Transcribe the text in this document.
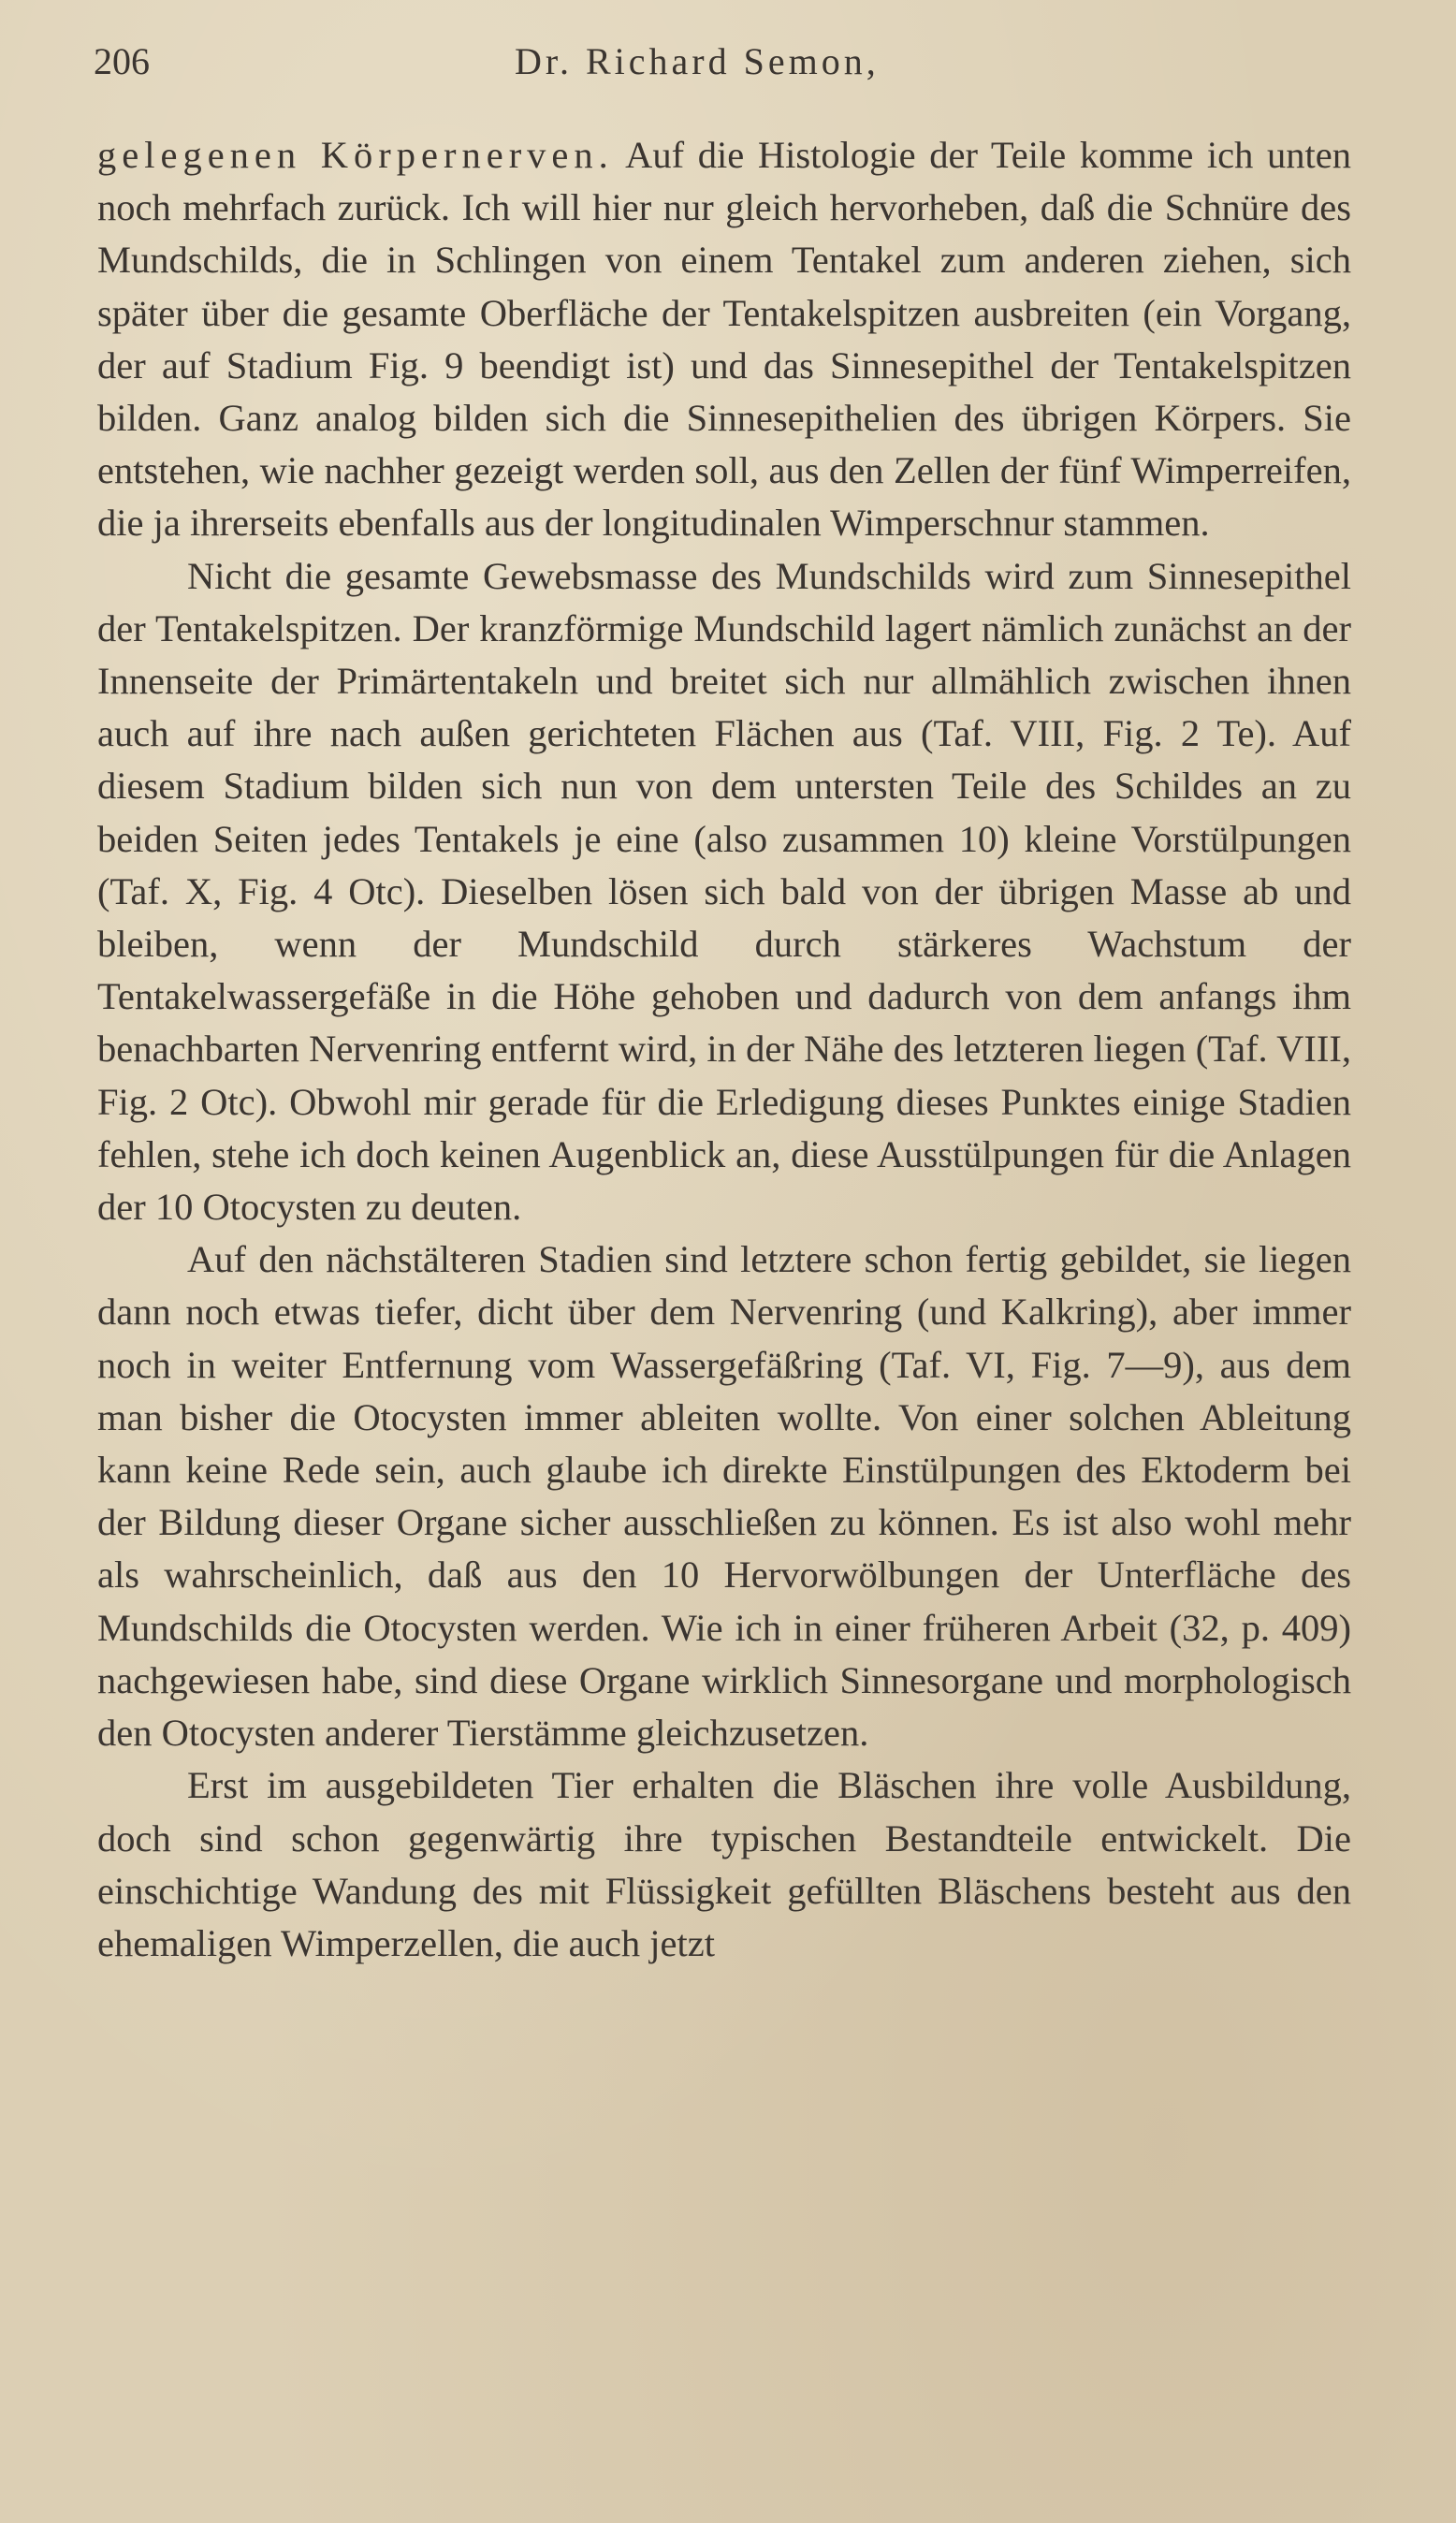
206	Dr. Richard Semon,

gelegenen Körpernerven. Auf die Histologie der Teile komme ich unten noch mehrfach zurück. Ich will hier nur gleich hervorheben, daß die Schnüre des Mundschilds, die in Schlingen von einem Tentakel zum anderen ziehen, sich später über die gesamte Oberfläche der Tentakelspitzen ausbreiten (ein Vorgang, der auf Stadium Fig. 9 beendigt ist) und das Sinnesepithel der Tentakelspitzen bilden. Ganz analog bilden sich die Sinnesepithelien des übrigen Körpers. Sie entstehen, wie nachher gezeigt werden soll, aus den Zellen der fünf Wimperreifen, die ja ihrerseits ebenfalls aus der longitudinalen Wimperschnur stammen.

Nicht die gesamte Gewebsmasse des Mundschilds wird zum Sinnesepithel der Tentakelspitzen. Der kranzförmige Mundschild lagert nämlich zunächst an der Innenseite der Primärtentakeln und breitet sich nur allmählich zwischen ihnen auch auf ihre nach außen gerichteten Flächen aus (Taf. VIII, Fig. 2 Te). Auf diesem Stadium bilden sich nun von dem untersten Teile des Schildes an zu beiden Seiten jedes Tentakels je eine (also zusammen 10) kleine Vorstülpungen (Taf. X, Fig. 4 Otc). Dieselben lösen sich bald von der übrigen Masse ab und bleiben, wenn der Mundschild durch stärkeres Wachstum der Tentakelwassergefäße in die Höhe gehoben und dadurch von dem anfangs ihm benachbarten Nervenring entfernt wird, in der Nähe des letzteren liegen (Taf. VIII, Fig. 2 Otc). Obwohl mir gerade für die Erledigung dieses Punktes einige Stadien fehlen, stehe ich doch keinen Augenblick an, diese Ausstülpungen für die Anlagen der 10 Otocysten zu deuten.

Auf den nächstälteren Stadien sind letztere schon fertig gebildet, sie liegen dann noch etwas tiefer, dicht über dem Nervenring (und Kalkring), aber immer noch in weiter Entfernung vom Wassergefäßring (Taf. VI, Fig. 7—9), aus dem man bisher die Otocysten immer ableiten wollte. Von einer solchen Ableitung kann keine Rede sein, auch glaube ich direkte Einstülpungen des Ektoderm bei der Bildung dieser Organe sicher ausschließen zu können. Es ist also wohl mehr als wahrscheinlich, daß aus den 10 Hervorwölbungen der Unterfläche des Mundschilds die Otocysten werden. Wie ich in einer früheren Arbeit (32, p. 409) nachgewiesen habe, sind diese Organe wirklich Sinnesorgane und morphologisch den Otocysten anderer Tierstämme gleichzusetzen.

Erst im ausgebildeten Tier erhalten die Bläschen ihre volle Ausbildung, doch sind schon gegenwärtig ihre typischen Bestandteile entwickelt. Die einschichtige Wandung des mit Flüssigkeit gefüllten Bläschens besteht aus den ehemaligen Wimperzellen, die auch jetzt
